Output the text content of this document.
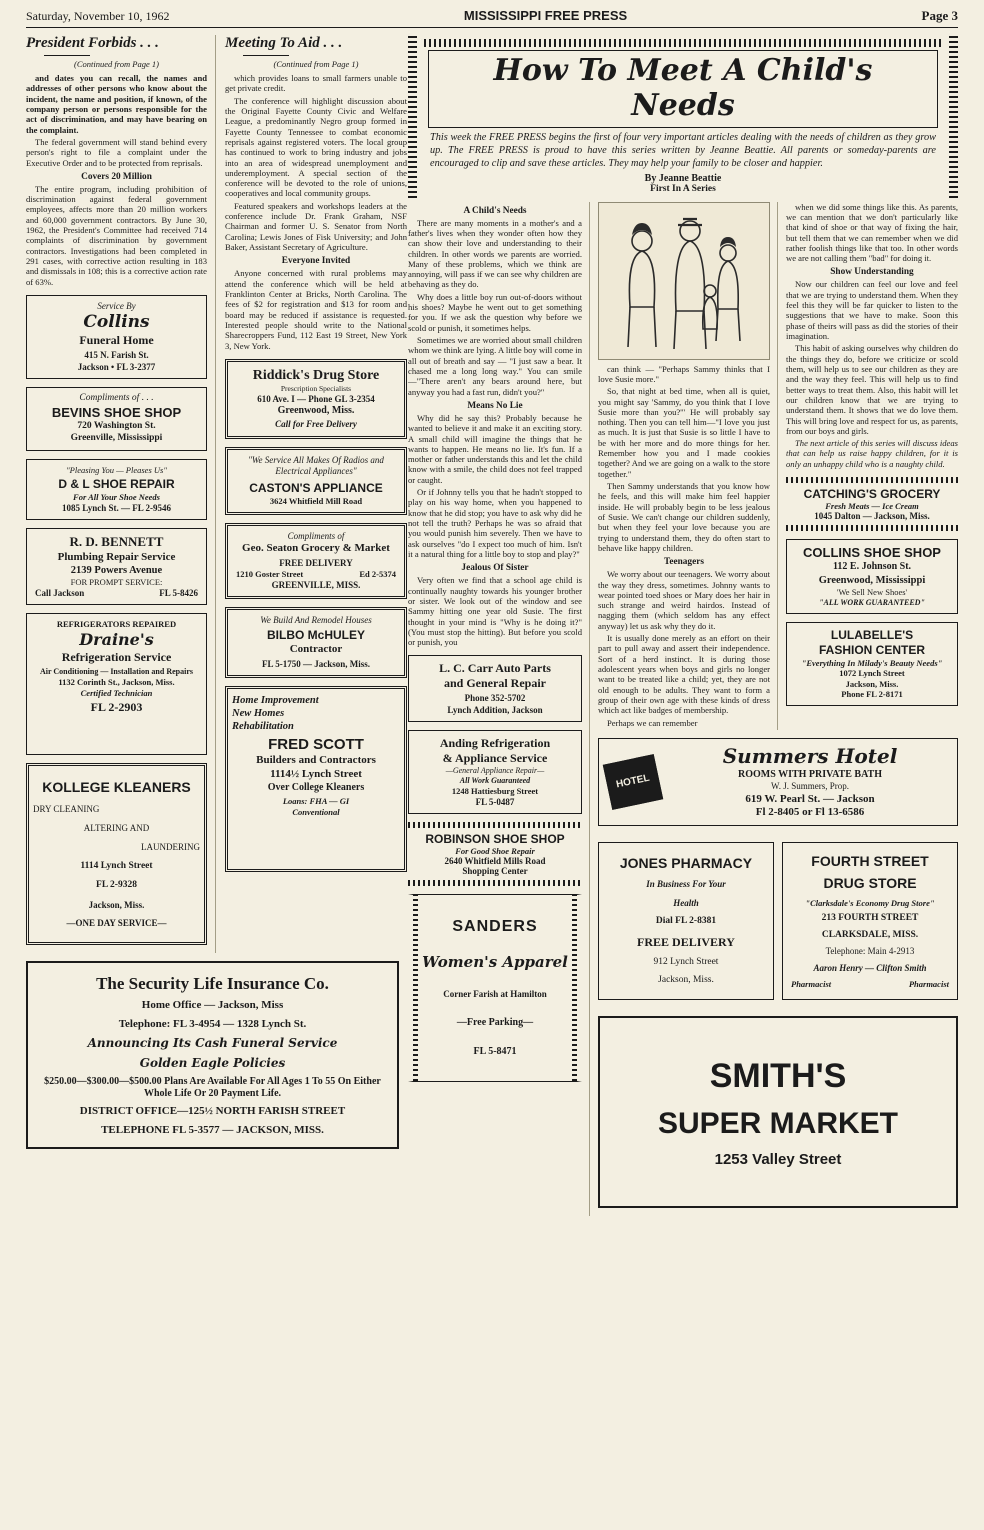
Saturday, November 10, 1962	MISSISSIPPI FREE PRESS	Page 3
President Forbids . . .
(Continued from Page 1)

and dates you can recall, the names and addresses of other persons who know about the incident, the name and position, if known, of the company person or persons responsible for the act of discrimination, and may have bearing on the complaint.

The federal government will stand behind every person's right to file a complaint under the Executive Order and to be protected from reprisals.

Covers 20 Million

The entire program, including prohibition of discrimination against federal government employees, affects more than 20 million workers and 60,000 government contractors. By June 30, 1962, the President's Committee had received 714 complaints of discrimination by government contractors. Investigations had been completed in 291 cases, with corrective action resulting in 183 and dismissals in 108; this is a corrective action rate of 63%.

Service By
Collins
Funeral Home
415 N. Farish St.
Jackson • FL 3-2377
Compliments of . . .
BEVINS SHOE SHOP
720 Washington St.
Greenville, Mississippi
"Pleasing You — Pleases Us"
D & L SHOE REPAIR
For All Your Shoe Needs
1085 Lynch St. — FL 2-9546
R. D. BENNETT
Plumbing Repair Service
2139 Powers Avenue
FOR PROMPT SERVICE:
Call Jackson	FL 5-8426
REFRIGERATORS REPAIRED
Draine's
Refrigeration Service
Air Conditioning — Installation and Repairs
1132 Corinth St., Jackson, Miss.
Certified Technician
FL 2-2903
KOLLEGE KLEANERS
DRY CLEANING
ALTERING AND
LAUNDERING
1114 Lynch Street
FL 2-9328
Jackson, Miss.
—ONE DAY SERVICE—
Meeting To Aid . . .
(Continued from Page 1)

which provides loans to small farmers unable to get private credit.

The conference will highlight discussion about the Original Fayette County Civic and Welfare League, a predominantly Negro group formed in Fayette County Tennessee to combat economic reprisals against registered voters. The local group has continued to work to bring industry and jobs into an area of widespread unemployment and underemployment. A special section of the conference will be devoted to the role of unions, cooperatives and local community groups.

Featured speakers and workshops leaders at the conference include Dr. Frank Graham, NSF Chairman and former U. S. Senator from North Carolina; Lewis Jones of Fisk University; and John Baker, Assistant Secretary of Agriculture.

Everyone Invited

Anyone concerned with rural problems may attend the conference which will be held at Franklinton Center at Bricks, North Carolina. The fees of $2 for registration and $13 for room and board may be reduced if assistance is requested. Interested people should write to the National Sharecroppers Fund, 112 East 19 Street, New York 3, New York.

Riddick's Drug Store
Prescription Specialists
610 Ave. I — Phone GL 3-2354
Greenwood, Miss.
Call for Free Delivery
"We Service All Makes Of Radios and Electrical Appliances"
CASTON'S APPLIANCE
3624 Whitfield Mill Road
Compliments of
Geo. Seaton Grocery & Market
FREE DELIVERY
1210 Goster Street	Ed 2-5374
GREENVILLE, MISS.
We Build And Remodel Houses
BILBO McHULEY
Contractor
FL 5-1750 — Jackson, Miss.
Home Improvement
New Homes
Rehabilitation
FRED SCOTT
Builders and Contractors
1114½ Lynch Street
Over College Kleaners
Loans: FHA — GI
Conventional
The Security Life Insurance Co.
Home Office — Jackson, Miss
Telephone: FL 3-4954 — 1328 Lynch St.
Announcing Its Cash Funeral Service
Golden Eagle Policies
$250.00—$300.00—$500.00 Plans Are Available For All Ages 1 To 55 On Either Whole Life Or 20 Payment Life.
DISTRICT OFFICE—125½ NORTH FARISH STREET
TELEPHONE FL 5-3577 — JACKSON, MISS.
How To Meet A Child's Needs

This week the FREE PRESS begins the first of four very important articles dealing with the needs of children as they grow up. The FREE PRESS is proud to have this series written by Jeanne Beattie. All parents or someday-parents are encouraged to clip and save these articles. They may help your family to be closer and happier.

By Jeanne Beattie
First In A Series
A Child's Needs

There are many moments in a mother's and a father's lives when they wonder often how they can show their love and understanding to their children. In other words we parents are worried. Many of these problems, which we think are annoying, will pass if we can see why children are behaving as they do.

Why does a little boy run out-of-doors without his shoes? Maybe he went out to get something for you. If we ask the question why before we scold or punish, it sometimes helps.

Sometimes we are worried about small children whom we think are lying. A little boy will come in all out of breath and say — "I just saw a bear. It chased me a long long way." You can smile—"There aren't any bears around here, but anyway you had a fast run, didn't you?"

Means No Lie

Why did he say this? Probably because he wanted to believe it and make it an exciting story. A small child will imagine the things that he wants to happen. He means no lie. It's fun. If a mother or father understands this and let the child know with a smile, the child does not feel trapped or caught.

Or if Johnny tells you that he hadn't stopped to play on his way home, when you happened to know that he did stop; you have to ask why did he not tell the truth? Perhaps he was so afraid that you would punish him severely. Then we have to ask ourselves "do I expect too much of him. Isn't it a natural thing for a little boy to stop and play?"

Jealous Of Sister

Very often we find that a school age child is continually naughty towards his younger brother or sister. We look out of the window and see Sammy hitting one year old Susie. The first thought in your mind is "Why is he doing it?" (You must stop the hitting). But before you scold or punish, you

L. C. Carr Auto Parts
and General Repair
Phone 352-5702
Lynch Addition, Jackson
Anding Refrigeration
& Appliance Service
—General Appliance Repair—
All Work Guaranteed
1248 Hattiesburg Street
FL 5-0487
ROBINSON SHOE SHOP
For Good Shoe Repair
2640 Whitfield Mills Road
Shopping Center
SANDERS
Women's Apparel
Corner Farish at Hamilton
—Free Parking—
FL 5-8471

can think — "Perhaps Sammy thinks that I love Susie more."

So, that night at bed time, when all is quiet, you might say 'Sammy, do you think that I love Susie more than you?'" He will probably say nothing. Then you can tell him—"I love you just as much. It is just that Susie is so little I have to be with her more and do more things for her. Remember how you and I made cookies together? And we are going on a walk to the store together."

Then Sammy understands that you know how he feels, and this will make him feel happier inside. He will probably begin to be less jealous of Susie. We can't change our children suddenly, but when they feel your love because you are trying to understand them, they do often start to behave like happy children.

Teenagers

We worry about our teenagers. We worry about the way they dress, sometimes. Johnny wants to wear pointed toed shoes or Mary does her hair in such strange and weird hairdos. Instead of nagging them (which seldom has any effect anyway) let us ask why they do it.

It is usually done merely as an effort on their part to pull away and assert their independence. Sort of a herd instinct. It is during those adolescent years when boys and girls no longer want to be treated like a child; yet, they are not old enough to be adults. They want to form a group of their own age with these kinds of dress which act like badges of membership.

Perhaps we can remember

when we did some things like this. As parents, we can mention that we don't particularly like that kind of shoe or that way of fixing the hair, but tell them that we can remember when we did rather foolish things like that too. In other words we are not calling them "bad" for doing it.

Show Understanding

Now our children can feel our love and feel that we are trying to understand them. When they feel this they will be far quicker to listen to the suggestions that we have to make. Soon this phase of theirs will pass as did the stories of their imagination.

This habit of asking ourselves why children do the things they do, before we criticize or scold them, will help us to see our children as they are and the way they feel. This will help us to find better ways to treat them. Also, this habit will let our children know that we are trying to understand them. It shows that we do love them. This will bring love and respect for us, as parents, from our boys and girls.

The next article of this series will discuss ideas that can help us raise happy children, for it is only an unhappy child who is a naughty child.

CATCHING'S GROCERY
Fresh Meats — Ice Cream
1045 Dalton — Jackson, Miss.
COLLINS SHOE SHOP
112 E. Johnson St.
Greenwood, Mississippi
'We Sell New Shoes'
"ALL WORK GUARANTEED"
LULABELLE'S
FASHION CENTER
"Everything In Milady's Beauty Needs"
1072 Lynch Street
Jackson, Miss.
Phone FL 2-8171
HOTEL
Summers Hotel
ROOMS WITH PRIVATE BATH
W. J. Summers, Prop.
619 W. Pearl St. — Jackson
Fl 2-8405 or Fl 13-6586
JONES PHARMACY
In Business For Your
Health
Dial FL 2-8381
FREE DELIVERY
912 Lynch Street
Jackson, Miss.
FOURTH STREET
DRUG STORE
"Clarksdale's Economy Drug Store"
213 FOURTH STREET
CLARKSDALE, MISS.
Telephone: Main 4-2913
Aaron Henry — Clifton Smith
Pharmacist	Pharmacist
SMITH'S
SUPER MARKET
1253 Valley Street
